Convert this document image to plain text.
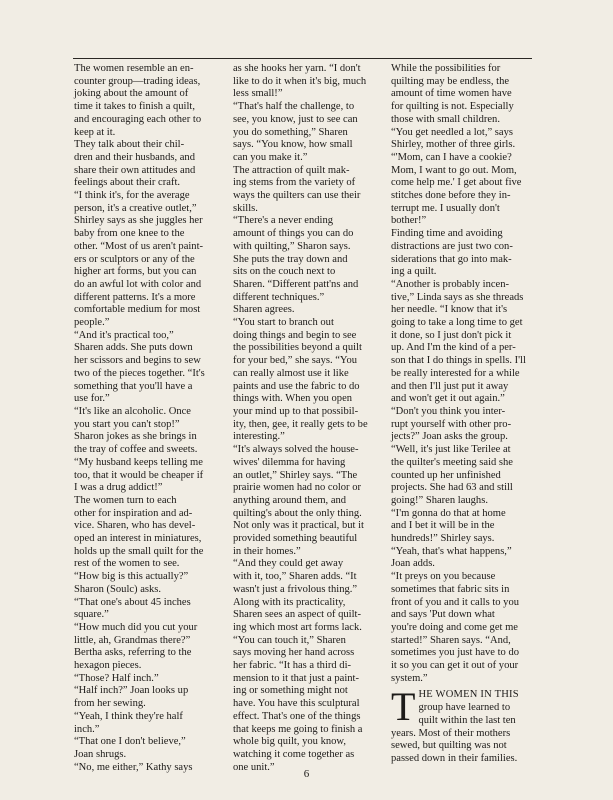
The women resemble an en-
counter group—trading ideas,
joking about the amount of
time it takes to finish a quilt,
and encouraging each other to
keep at it.

They talk about their chil-
dren and their husbands, and
share their own attitudes and
feelings about their craft.

“I think it's, for the average
person, it's a creative outlet,”
Shirley says as she juggles her
baby from one knee to the
other. “Most of us aren't paint-
ers or sculptors or any of the
higher art forms, but you can
do an awful lot with color and
different patterns. It's a more
comfortable medium for most
people.”

“And it's practical too,”
Sharen adds. She puts down
her scissors and begins to sew
two of the pieces together. “It's
something that you'll have a
use for.”

“It's like an alcoholic. Once
you start you can't stop!”
Sharon jokes as she brings in
the tray of coffee and sweets.
“My husband keeps telling me
too, that it would be cheaper if
I was a drug addict!”

The women turn to each
other for inspiration and ad-
vice. Sharen, who has devel-
oped an interest in miniatures,
holds up the small quilt for the
rest of the women to see.

“How big is this actually?”
Sharon (Soulc) asks.

“That one's about 45 inches
square.”

“How much did you cut your
little, ah, Grandmas there?”
Bertha asks, referring to the
hexagon pieces.

“Those? Half inch.”

“Half inch?” Joan looks up
from her sewing.

“Yeah, I think they're half
inch.”

“That one I don't believe,”
Joan shrugs.

“No, me either,” Kathy says

as she hooks her yarn. “I don't
like to do it when it's big, much
less small!”

“That's half the challenge, to
see, you know, just to see can
you do something,” Sharen
says. “You know, how small
can you make it.”

The attraction of quilt mak-
ing stems from the variety of
ways the quilters can use their
skills.

“There's a never ending
amount of things you can do
with quilting,” Sharon says.
She puts the tray down and
sits on the couch next to
Sharen. “Different patt'ns and
different techniques.”

Sharen agrees.

“You start to branch out
doing things and begin to see
the possibilities beyond a quilt
for your bed,” she says. “You
can really almost use it like
paints and use the fabric to do
things with. When you open
your mind up to that possibil-
ity, then, gee, it really gets to be
interesting.”

“It's always solved the house-
wives' dilemma for having
an outlet,” Shirley says. “The
prairie women had no color or
anything around them, and
quilting's about the only thing.
Not only was it practical, but it
provided something beautiful
in their homes.”

“And they could get away
with it, too,” Sharen adds. “It
wasn't just a frivolous thing.”

Along with its practicality,
Sharen sees an aspect of quilt-
ing which most art forms lack.

“You can touch it,” Sharen
says moving her hand across
her fabric. “It has a third di-
mension to it that just a paint-
ing or something might not
have. You have this sculptural
effect. That's one of the things
that keeps me going to finish a
whole big quilt, you know,
watching it come together as
one unit.”

While the possibilities for
quilting may be endless, the
amount of time women have
for quilting is not. Especially
those with small children.

“You get needled a lot,” says
Shirley, mother of three girls.
“'Mom, can I have a cookie?
Mom, I want to go out. Mom,
come help me.' I get about five
stitches done before they in-
terrupt me. I usually don't
bother!”

Finding time and avoiding
distractions are just two con-
siderations that go into mak-
ing a quilt.

“Another is probably incen-
tive,” Linda says as she threads
her needle. “I know that it's
going to take a long time to get
it done, so I just don't pick it
up. And I'm the kind of a per-
son that I do things in spells. I'll
be really interested for a while
and then I'll just put it away
and won't get it out again.”

“Don't you think you inter-
rupt yourself with other pro-
jects?” Joan asks the group.

“Well, it's just like Terilee at
the quilter's meeting said she
counted up her unfinished
projects. She had 63 and still
going!” Sharen laughs.

“I'm gonna do that at home
and I bet it will be in the
hundreds!” Shirley says.

“Yeah, that's what happens,”
Joan adds.

“It preys on you because
sometimes that fabric sits in
front of you and it calls to you
and says 'Put down what
you're doing and come get me
started!” Sharen says. “And,
sometimes you just have to do
it so you can get it out of your
system.”

THE WOMEN IN THIS
group have learned to
quilt within the last ten
years. Most of their mothers
sewed, but quilting was not
passed down in their families.

6
